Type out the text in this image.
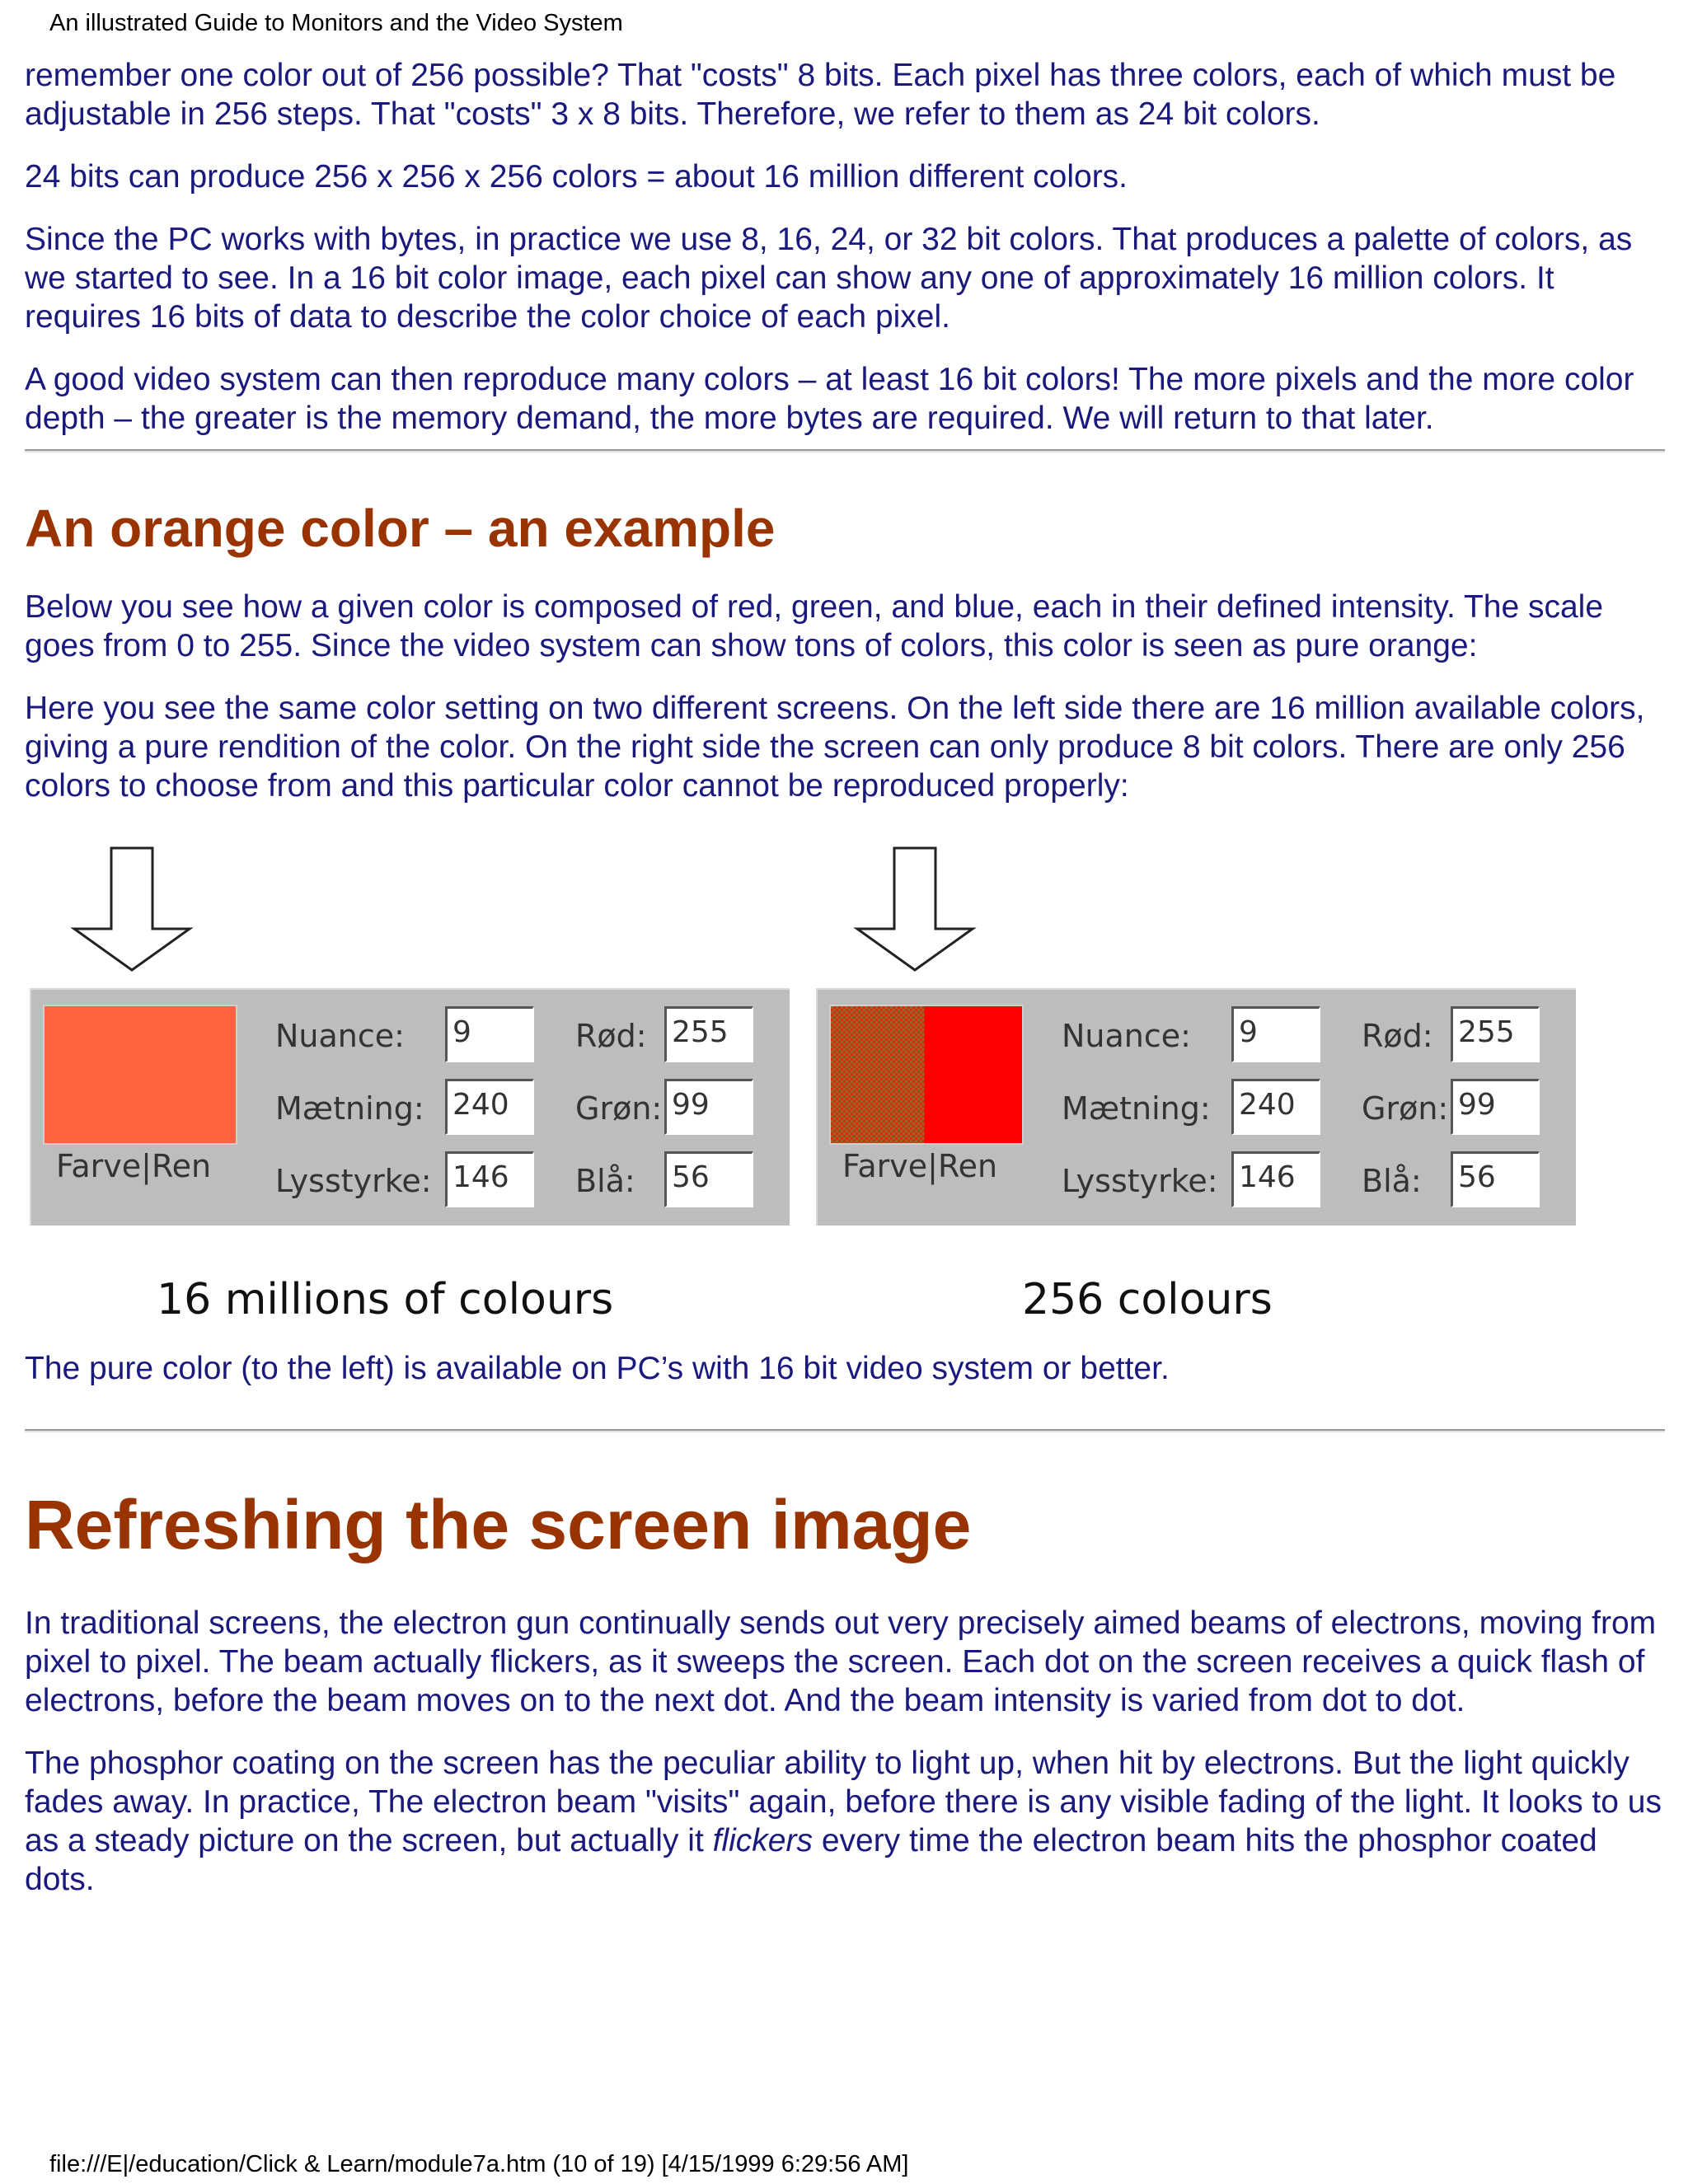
An illustrated Guide to Monitors and the Video System

remember one color out of 256 possible? That "costs" 8 bits. Each pixel has three colors, each of which must be adjustable in 256 steps. That "costs" 3 x 8 bits. Therefore, we refer to them as 24 bit colors.

24 bits can produce 256 x 256 x 256 colors = about 16 million different colors.

Since the PC works with bytes, in practice we use 8, 16, 24, or 32 bit colors. That produces a palette of colors, as we started to see. In a 16 bit color image, each pixel can show any one of approximately 16 million colors. It requires 16 bits of data to describe the color choice of each pixel.

A good video system can then reproduce many colors – at least 16 bit colors! The more pixels and the more color depth – the greater is the memory demand, the more bytes are required. We will return to that later.

An orange color – an example

Below you see how a given color is composed of red, green, and blue, each in their defined intensity. The scale goes from 0 to 255. Since the video system can show tons of colors, this color is seen as pure orange:

Here you see the same color setting on two different screens. On the left side there are 16 million available colors, giving a pure rendition of the color. On the right side the screen can only produce 8 bit colors. There are only 256 colors to choose from and this particular color cannot be reproduced properly:

Farve|Ren
Nuance: 9
Mætning: 240
Lysstyrke: 146
Rød: 255
Grøn: 99
Blå: 56	Farve|Ren
Nuance: 9
Mætning: 240
Lysstyrke: 146
Rød: 255
Grøn: 99
Blå: 56
16 millions of colours	256 colours

The pure color (to the left) is available on PC’s with 16 bit video system or better.

Refreshing the screen image

In traditional screens, the electron gun continually sends out very precisely aimed beams of electrons, moving from pixel to pixel. The beam actually flickers, as it sweeps the screen. Each dot on the screen receives a quick flash of electrons, before the beam moves on to the next dot. And the beam intensity is varied from dot to dot.

The phosphor coating on the screen has the peculiar ability to light up, when hit by electrons. But the light quickly fades away. In practice, The electron beam "visits" again, before there is any visible fading of the light. It looks to us as a steady picture on the screen, but actually it flickers every time the electron beam hits the phosphor coated dots.

file:///E|/education/Click & Learn/module7a.htm (10 of 19) [4/15/1999 6:29:56 AM]
